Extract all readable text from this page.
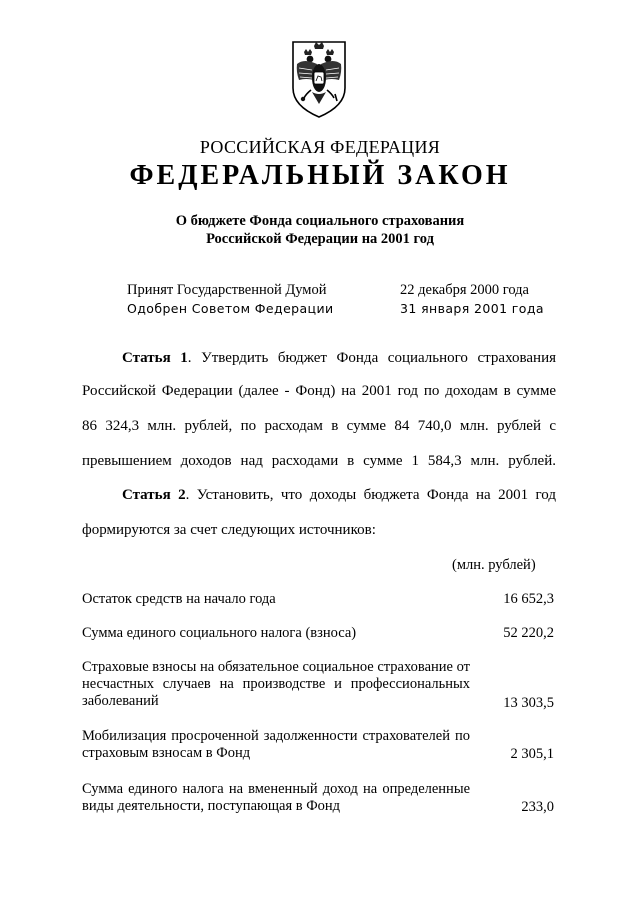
РОССИЙСКАЯ ФЕДЕРАЦИЯ
ФЕДЕРАЛЬНЫЙ ЗАКОН
О бюджете Фонда социального страхования
Российской Федерации на 2001 год
Принят Государственной Думой	22 декабря 2000 года
Одобрен Советом Федерации	31 января 2001 года
Статья 1. Утвердить бюджет Фонда социального страхования
Российской Федерации (далее - Фонд) на 2001 год по доходам в сумме
86 324,3 млн. рублей, по расходам в сумме 84 740,0 млн. рублей с
превышением доходов над расходами в сумме 1 584,3 млн. рублей.
Статья 2. Установить, что доходы бюджета Фонда на 2001 год
формируются за счет следующих источников:
(млн. рублей)
Остаток средств на начало года	16 652,3
Сумма единого социального налога (взноса)	52 220,2
Страховые взносы на обязательное социальное страхование от несчастных случаев на производстве и профессиональных заболеваний	13 303,5
Мобилизация просроченной задолженности страхователей по страховым взносам в Фонд	2 305,1
Сумма единого налога на вмененный доход на определенные виды деятельности, поступающая в Фонд	233,0
